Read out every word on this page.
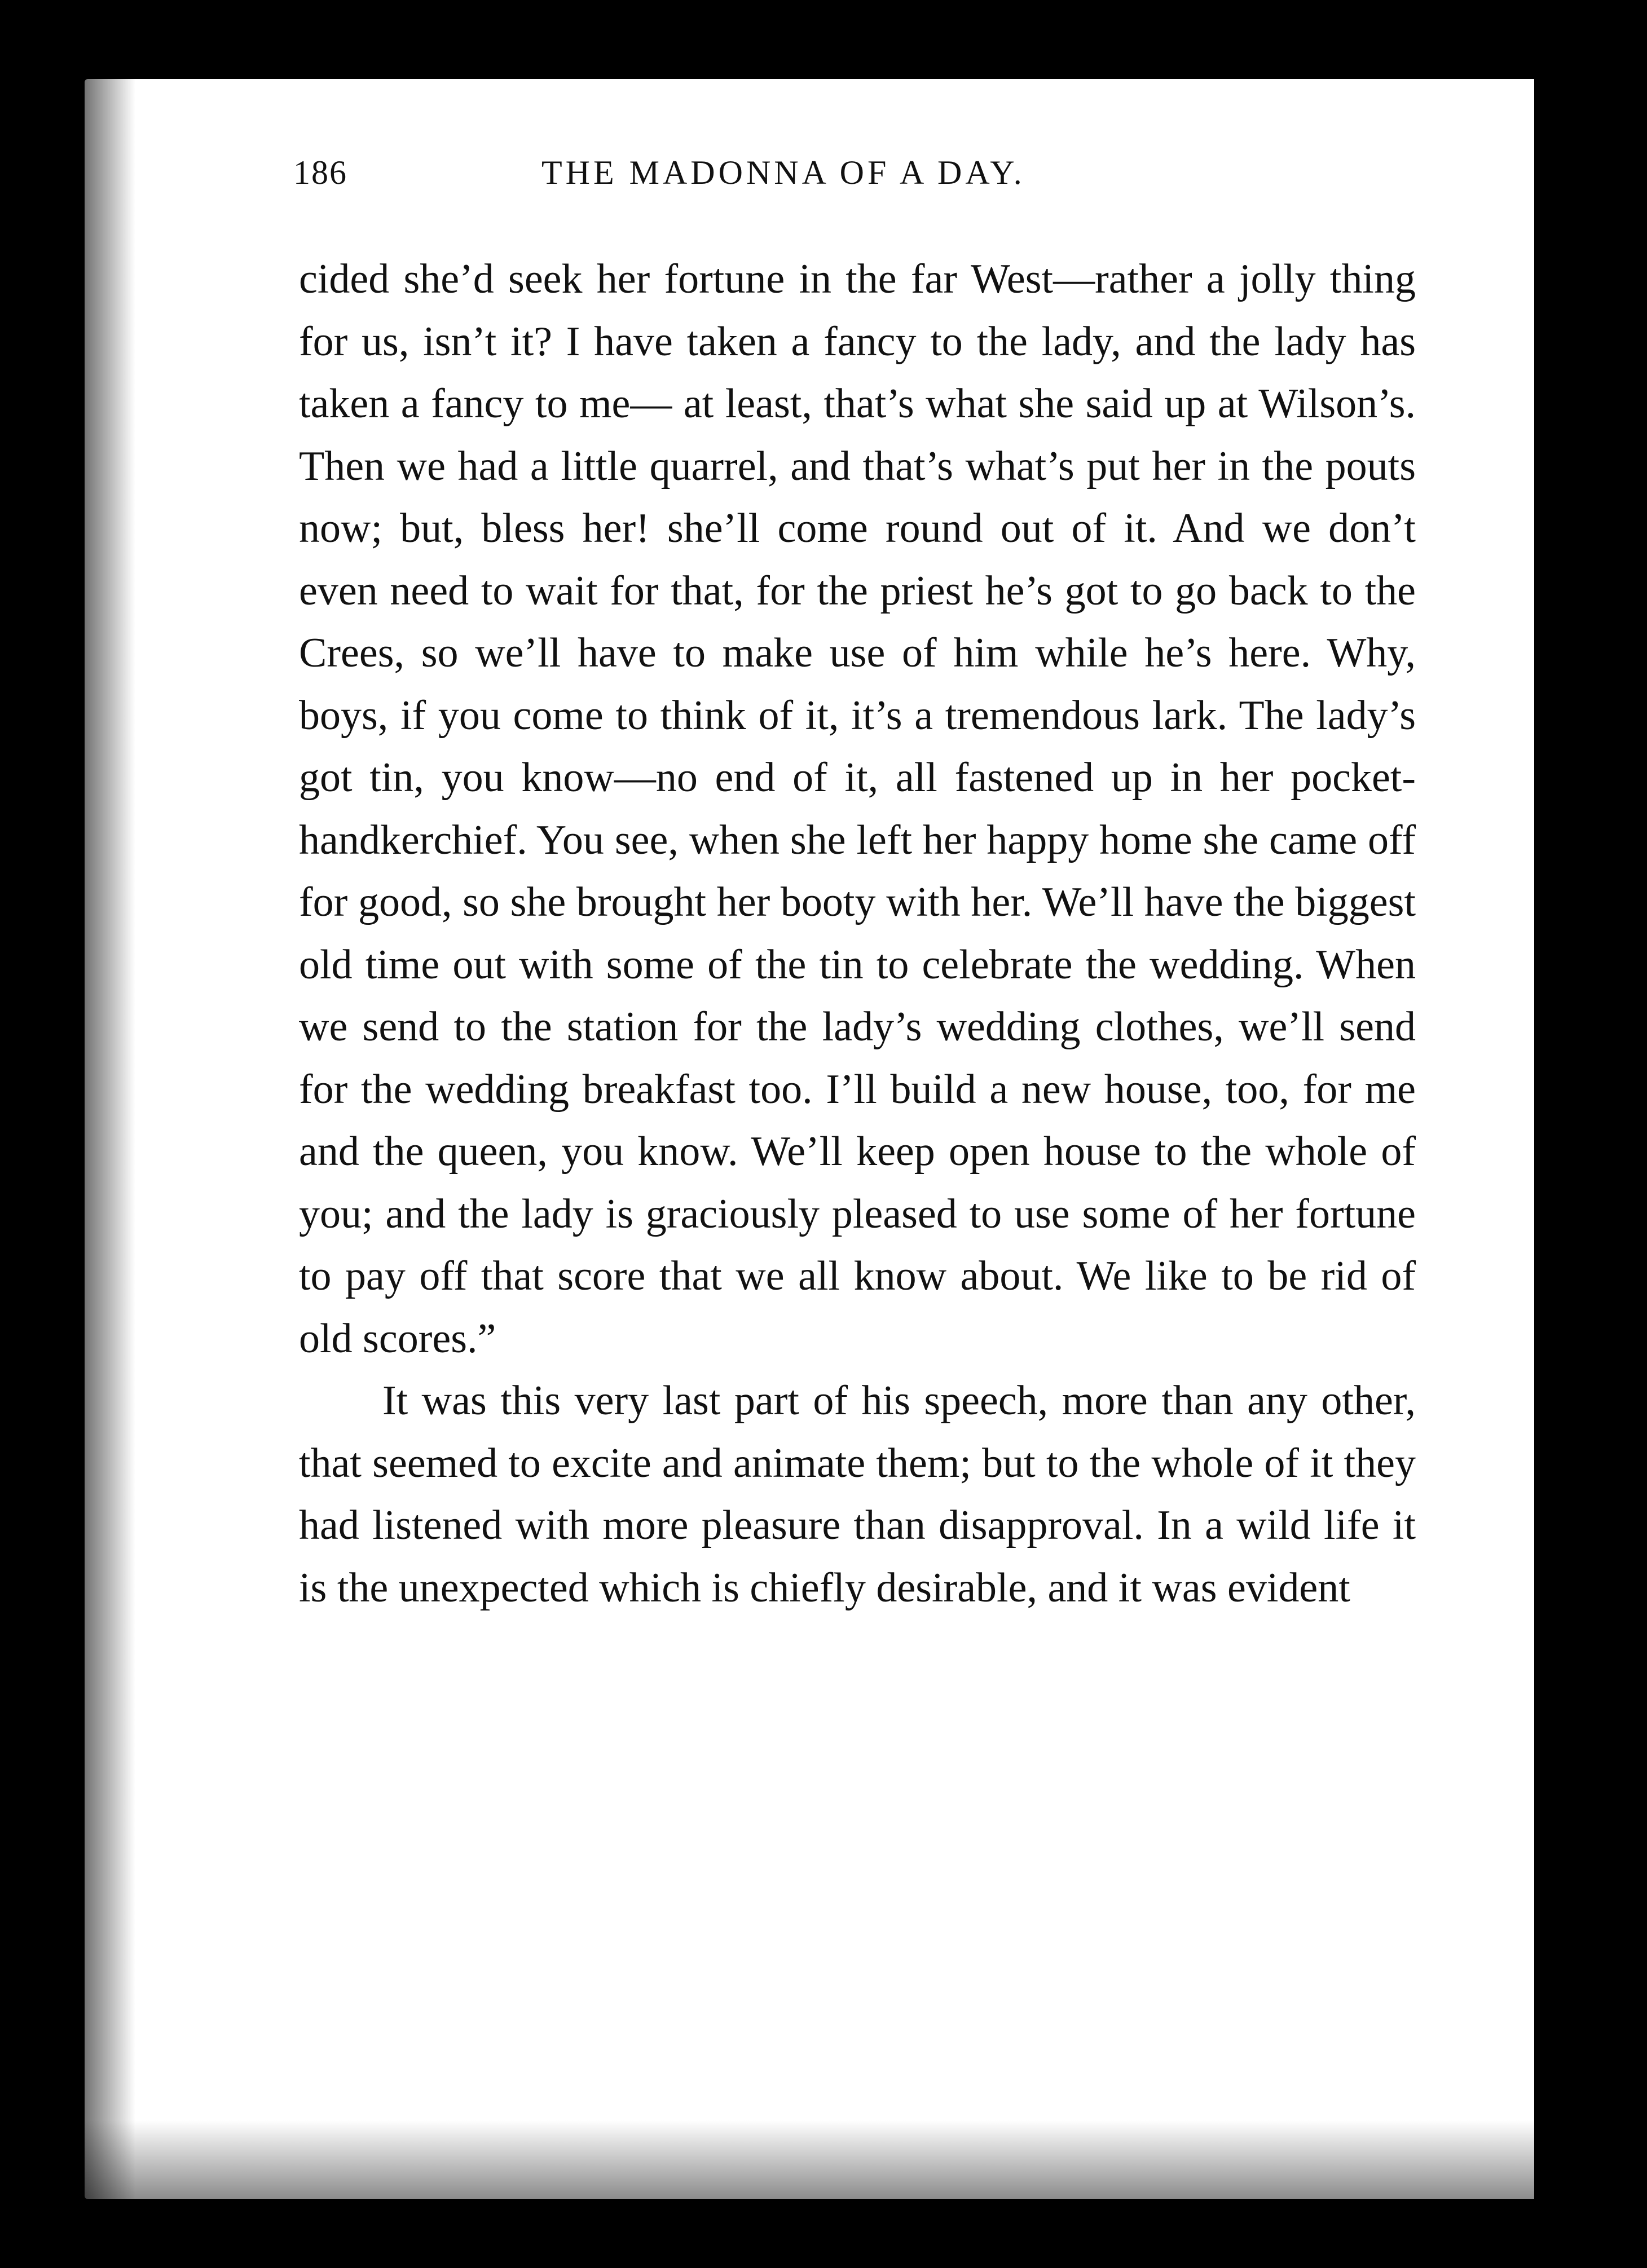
186	THE MADONNA OF A DAY.

cided she’d seek her fortune in the far West—rather a jolly thing for us, isn’t it? I have taken a fancy to the lady, and the lady has taken a fancy to me— at least, that’s what she said up at Wilson’s. Then we had a little quarrel, and that’s what’s put her in the pouts now; but, bless her! she’ll come round out of it. And we don’t even need to wait for that, for the priest he’s got to go back to the Crees, so we’ll have to make use of him while he’s here. Why, boys, if you come to think of it, it’s a tremendous lark. The lady’s got tin, you know—no end of it, all fastened up in her pocket-handkerchief. You see, when she left her happy home she came off for good, so she brought her booty with her. We’ll have the biggest old time out with some of the tin to celebrate the wedding. When we send to the station for the lady’s wedding clothes, we’ll send for the wedding breakfast too. I’ll build a new house, too, for me and the queen, you know. We’ll keep open house to the whole of you; and the lady is graciously pleased to use some of her fortune to pay off that score that we all know about. We like to be rid of old scores.”

It was this very last part of his speech, more than any other, that seemed to excite and animate them; but to the whole of it they had listened with more pleasure than disapproval. In a wild life it is the unexpected which is chiefly desirable, and it was evident
